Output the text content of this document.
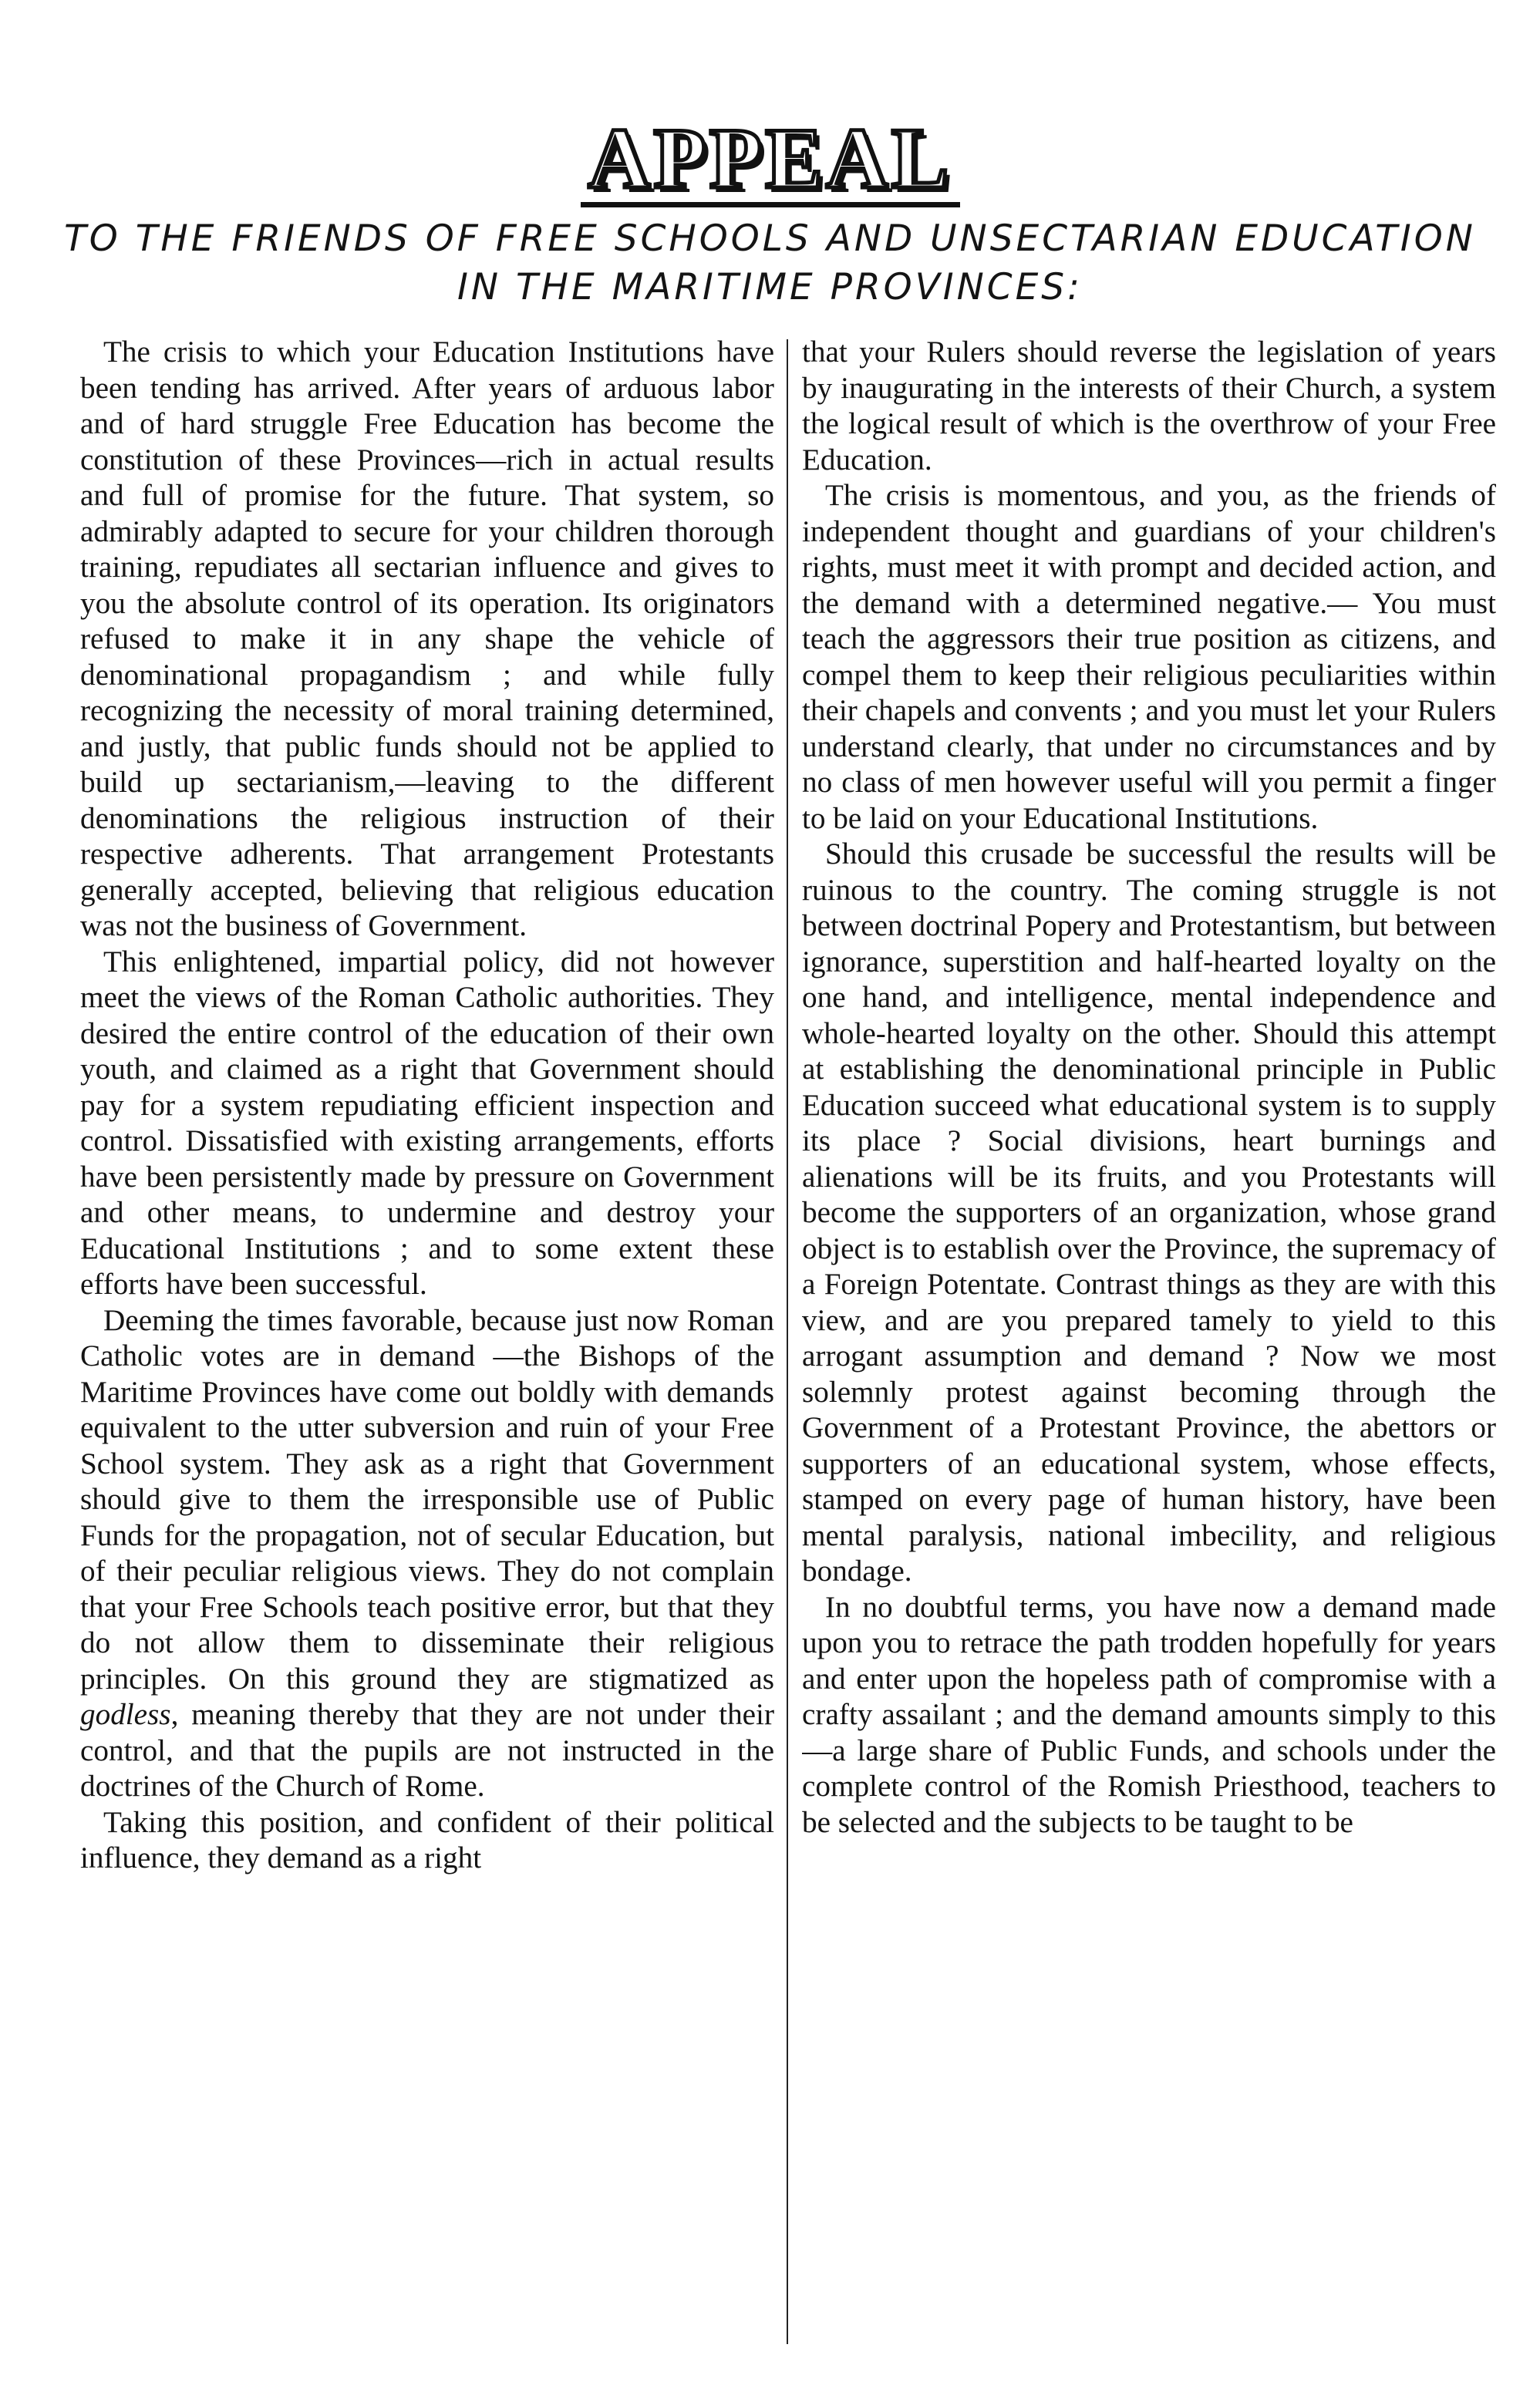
APPEAL
TO THE FRIENDS OF FREE SCHOOLS AND UNSECTARIAN EDUCATION
IN THE MARITIME PROVINCES:

The crisis to which your Education Institutions have been tending has arrived. After years of arduous labor and of hard struggle Free Education has become the constitution of these Provinces—rich in actual results and full of promise for the future. That system, so admirably adapted to secure for your children thorough training, repudiates all sectarian influence and gives to you the absolute control of its operation. Its originators refused to make it in any shape the vehicle of denominational propagandism ; and while fully recognizing the necessity of moral training determined, and justly, that public funds should not be applied to build up sectarianism,—leaving to the different denominations the religious instruction of their respective adherents. That arrangement Protestants generally accepted, believing that religious education was not the business of Government.

This enlightened, impartial policy, did not however meet the views of the Roman Catholic authorities. They desired the entire control of the education of their own youth, and claimed as a right that Government should pay for a system repudiating efficient inspection and control. Dissatisfied with existing arrangements, efforts have been persistently made by pressure on Government and other means, to undermine and destroy your Educational Institutions ; and to some extent these efforts have been successful.

Deeming the times favorable, because just now Roman Catholic votes are in demand —the Bishops of the Maritime Provinces have come out boldly with demands equivalent to the utter subversion and ruin of your Free School system. They ask as a right that Government should give to them the irresponsible use of Public Funds for the propagation, not of secular Education, but of their peculiar religious views. They do not complain that your Free Schools teach positive error, but that they do not allow them to disseminate their religious principles. On this ground they are stigmatized as godless, meaning thereby that they are not under their control, and that the pupils are not instructed in the doctrines of the Church of Rome.

Taking this position, and confident of their political influence, they demand as a right

that your Rulers should reverse the legislation of years by inaugurating in the interests of their Church, a system the logical result of which is the overthrow of your Free Education.

The crisis is momentous, and you, as the friends of independent thought and guardians of your children's rights, must meet it with prompt and decided action, and the demand with a determined negative.— You must teach the aggressors their true position as citizens, and compel them to keep their religious peculiarities within their chapels and convents ; and you must let your Rulers understand clearly, that under no circumstances and by no class of men however useful will you permit a finger to be laid on your Educational Institutions.

Should this crusade be successful the results will be ruinous to the country. The coming struggle is not between doctrinal Popery and Protestantism, but between ignorance, superstition and half-hearted loyalty on the one hand, and intelligence, mental independence and whole-hearted loyalty on the other. Should this attempt at establishing the denominational principle in Public Education succeed what educational system is to supply its place ? Social divisions, heart burnings and alienations will be its fruits, and you Protestants will become the supporters of an organization, whose grand object is to establish over the Province, the supremacy of a Foreign Potentate. Contrast things as they are with this view, and are you prepared tamely to yield to this arrogant assumption and demand ? Now we most solemnly protest against becoming through the Government of a Protestant Province, the abettors or supporters of an educational system, whose effects, stamped on every page of human history, have been mental paralysis, national imbecility, and religious bondage.

In no doubtful terms, you have now a demand made upon you to retrace the path trodden hopefully for years and enter upon the hopeless path of compromise with a crafty assailant ; and the demand amounts simply to this—a large share of Public Funds, and schools under the complete control of the Romish Priesthood, teachers to be selected and the subjects to be taught to be
